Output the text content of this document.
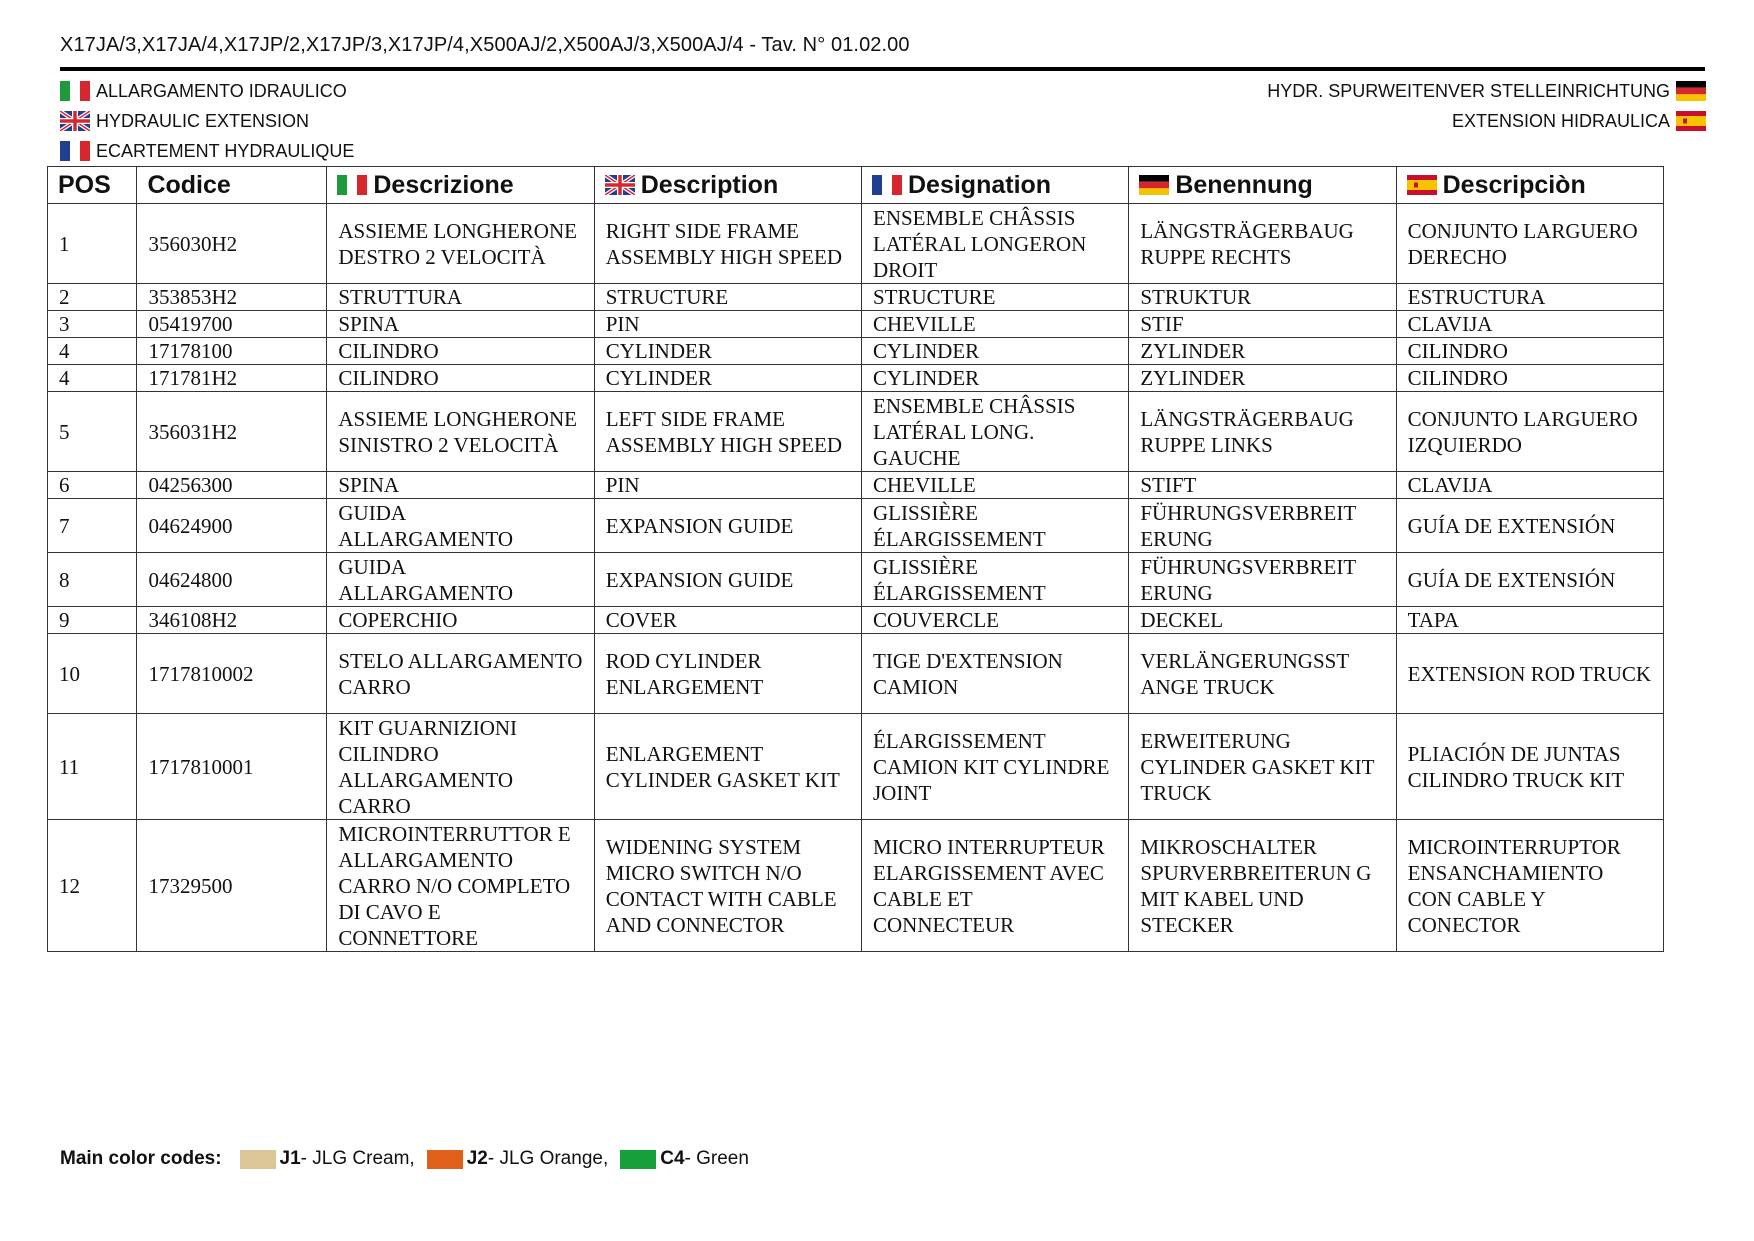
X17JA/3,X17JA/4,X17JP/2,X17JP/3,X17JP/4,X500AJ/2,X500AJ/3,X500AJ/4 - Tav. N° 01.02.00
ALLARGAMENTO IDRAULICO
HYDRAULIC EXTENSION
ECARTEMENT HYDRAULIQUE
HYDR. SPURWEITENVER STELLEINRICHTUNG
EXTENSION HIDRAULICA
POS	Codice	Descrizione	Description	Designation	Benennung	Descripciòn
1	356030H2	ASSIEME LONGHERONE DESTRO 2 VELOCITÀ	RIGHT SIDE FRAME ASSEMBLY HIGH SPEED	ENSEMBLE CHÂSSIS LATÉRAL LONGERON DROIT	LÄNGSTRÄGERBAUG RUPPE RECHTS	CONJUNTO LARGUERO DERECHO
2	353853H2	STRUTTURA	STRUCTURE	STRUCTURE	STRUKTUR	ESTRUCTURA
3	05419700	SPINA	PIN	CHEVILLE	STIF	CLAVIJA
4	17178100	CILINDRO	CYLINDER	CYLINDER	ZYLINDER	CILINDRO
4	171781H2	CILINDRO	CYLINDER	CYLINDER	ZYLINDER	CILINDRO
5	356031H2	ASSIEME LONGHERONE SINISTRO 2 VELOCITÀ	LEFT SIDE FRAME ASSEMBLY HIGH SPEED	ENSEMBLE CHÂSSIS LATÉRAL LONG. GAUCHE	LÄNGSTRÄGERBAUG RUPPE LINKS	CONJUNTO LARGUERO IZQUIERDO
6	04256300	SPINA	PIN	CHEVILLE	STIFT	CLAVIJA
7	04624900	GUIDA ALLARGAMENTO	EXPANSION GUIDE	GLISSIÈRE ÉLARGISSEMENT	FÜHRUNGSVERBREIT ERUNG	GUÍA DE EXTENSIÓN
8	04624800	GUIDA ALLARGAMENTO	EXPANSION GUIDE	GLISSIÈRE ÉLARGISSEMENT	FÜHRUNGSVERBREIT ERUNG	GUÍA DE EXTENSIÓN
9	346108H2	COPERCHIO	COVER	COUVERCLE	DECKEL	TAPA
10	1717810002	STELO ALLARGAMENTO CARRO	ROD CYLINDER ENLARGEMENT	TIGE D'EXTENSION CAMION	VERLÄNGERUNGSST ANGE TRUCK	EXTENSION ROD TRUCK
11	1717810001	KIT GUARNIZIONI CILINDRO ALLARGAMENTO CARRO	ENLARGEMENT CYLINDER GASKET KIT	ÉLARGISSEMENT CAMION KIT CYLINDRE JOINT	ERWEITERUNG CYLINDER GASKET KIT TRUCK	PLIACIÓN DE JUNTAS CILINDRO TRUCK KIT
12	17329500	MICROINTERRUTTOR E ALLARGAMENTO CARRO N/O COMPLETO DI CAVO E CONNETTORE	WIDENING SYSTEM MICRO SWITCH N/O CONTACT WITH CABLE AND CONNECTOR	MICRO INTERRUPTEUR ELARGISSEMENT AVEC CABLE ET CONNECTEUR	MIKROSCHALTER SPURVERBREITERUN G MIT KABEL UND STECKER	MICROINTERRUPTOR ENSANCHAMIENTO CON CABLE Y CONECTOR
Main color codes:	J1 - JLG Cream,	J2 - JLG Orange,	C4 - Green
